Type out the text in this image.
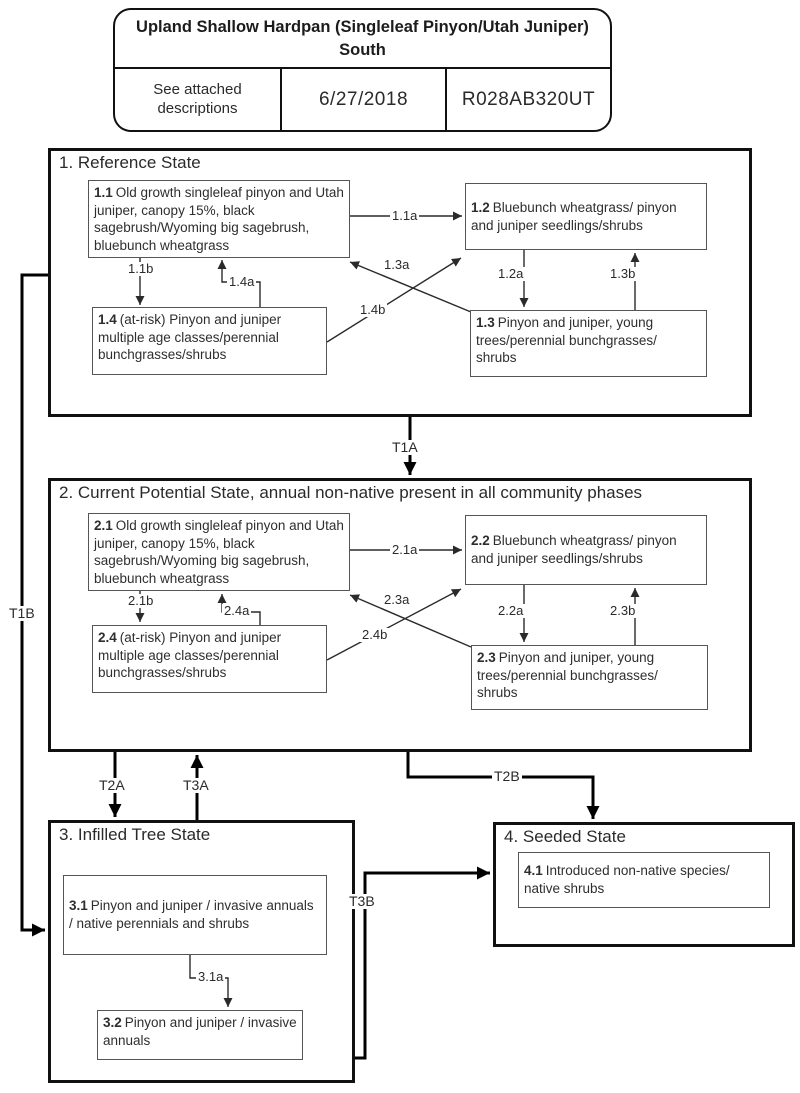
Upland Shallow Hardpan (Singleleaf Pinyon/Utah Juniper)
South
See attached descriptions	6/27/2018	R028AB320UT
1. Reference State
1.1 Old growth singleleaf pinyon and Utah juniper, canopy 15%, black sagebrush/Wyoming big sagebrush, bluebunch wheatgrass
1.2 Bluebunch wheatgrass/ pinyon and juniper seedlings/shrubs
1.4 (at-risk) Pinyon and juniper multiple age classes/perennial bunchgrasses/shrubs
1.3 Pinyon and juniper, young trees/perennial bunchgrasses/ shrubs
1.1a
1.1b
1.4a
1.3a
1.4b
1.2a	1.3b
T1A
T1B
2. Current Potential State, annual non-native present in all community phases
2.1 Old growth singleleaf pinyon and Utah juniper, canopy 15%, black sagebrush/Wyoming big sagebrush, bluebunch wheatgrass
2.2 Bluebunch wheatgrass/ pinyon and juniper seedlings/shrubs
2.4 (at-risk) Pinyon and juniper multiple age classes/perennial bunchgrasses/shrubs
2.3 Pinyon and juniper, young trees/perennial bunchgrasses/ shrubs
2.1a
2.1b
2.4a
2.3a
2.4b
2.2a	2.3b
T2A	T3A
T2B
3. Infilled Tree State
3.1 Pinyon and juniper / invasive annuals / native perennials and shrubs
3.2 Pinyon and juniper / invasive annuals
3.1a
T3B
4. Seeded State
4.1 Introduced non-native species/ native shrubs
